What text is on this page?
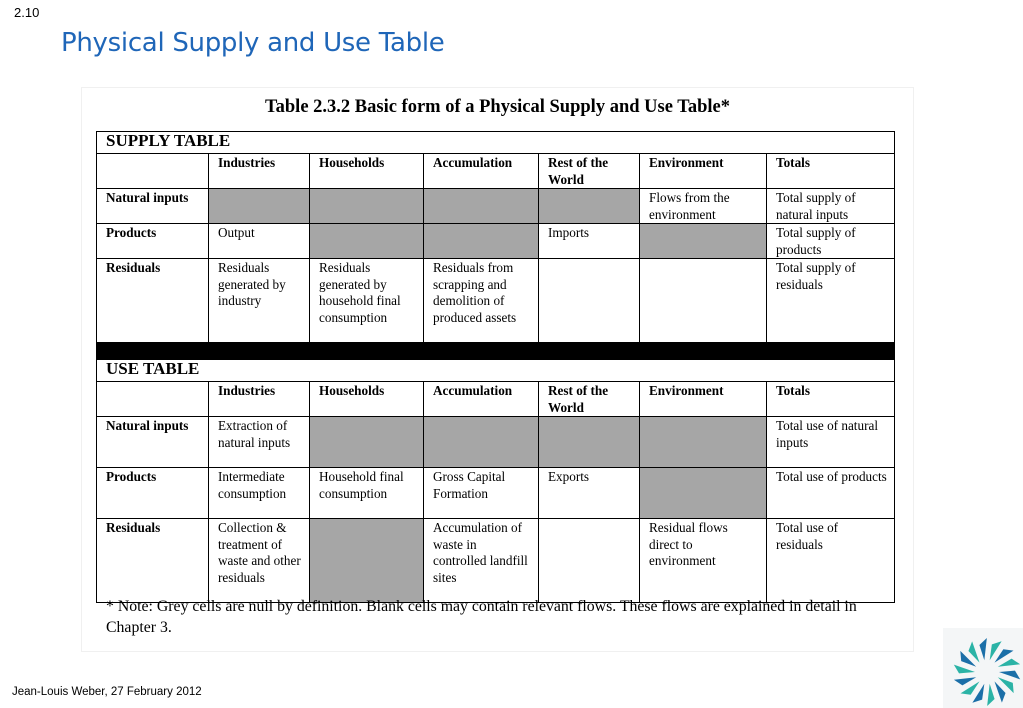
2.10
Physical Supply and Use Table
Table 2.3.2 Basic form of a Physical Supply and Use Table*
SUPPLY TABLE						
	Industries	Households	Accumulation	Rest of the World	Environment	Totals
Natural inputs					Flows from the environment	Total supply of natural inputs
Products	Output			Imports		Total supply of products
Residuals	Residuals generated by industry	Residuals generated by household final consumption	Residuals from scrapping and demolition of produced assets			Total supply of residuals

USE TABLE						
	Industries	Households	Accumulation	Rest of the World	Environment	Totals
Natural inputs	Extraction of natural inputs					Total use of natural inputs
Products	Intermediate consumption	Household final consumption	Gross Capital Formation	Exports		Total use of products
Residuals	Collection & treatment of waste and other residuals		Accumulation of waste in controlled landfill sites		Residual flows direct to environment	Total use of residuals
* Note: Grey cells are null by definition. Blank cells may contain relevant flows. These flows are explained in detail in Chapter 3.
Jean-Louis Weber, 27 February 2012
